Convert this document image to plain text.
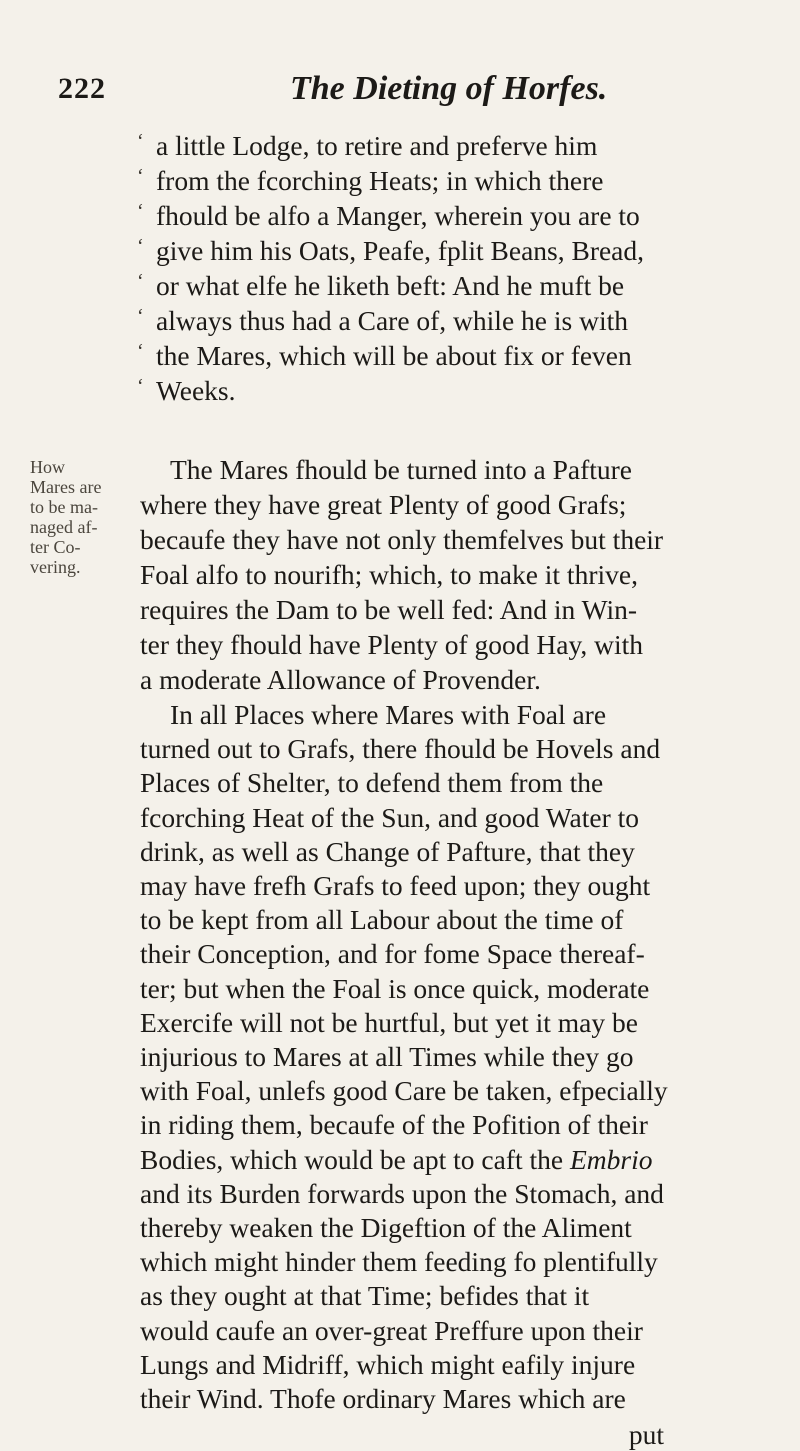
222	The Dieting of Horfes.
‘ a little Lodge, to retire and preferve him
‘ from the fcorching Heats; in which there
‘ fhould be alfo a Manger, wherein you are to
‘ give him his Oats, Peafe, fplit Beans, Bread,
‘ or what elfe he liketh beft: And he muft be
‘ always thus had a Care of, while he is with
‘ the Mares, which will be about fix or feven
‘ Weeks.
How
Mares are
to be ma-
naged af-
ter Co-
vering.
The Mares fhould be turned into a Pafture
where they have great Plenty of good Grafs;
becaufe they have not only themfelves but their
Foal alfo to nourifh; which, to make it thrive,
requires the Dam to be well fed: And in Win-
ter they fhould have Plenty of good Hay, with
a moderate Allowance of Provender.
In all Places where Mares with Foal are
turned out to Grafs, there fhould be Hovels and
Places of Shelter, to defend them from the
fcorching Heat of the Sun, and good Water to
drink, as well as Change of Pafture, that they
may have frefh Grafs to feed upon; they ought
to be kept from all Labour about the time of
their Conception, and for fome Space thereaf-
ter; but when the Foal is once quick, moderate
Exercife will not be hurtful, but yet it may be
injurious to Mares at all Times while they go
with Foal, unlefs good Care be taken, efpecially
in riding them, becaufe of the Pofition of their
Bodies, which would be apt to caft the Embrio
and its Burden forwards upon the Stomach, and
thereby weaken the Digeftion of the Aliment
which might hinder them feeding fo plentifully
as they ought at that Time; befides that it
would caufe an over-great Preffure upon their
Lungs and Midriff, which might eafily injure
their Wind. Thofe ordinary Mares which are
put
